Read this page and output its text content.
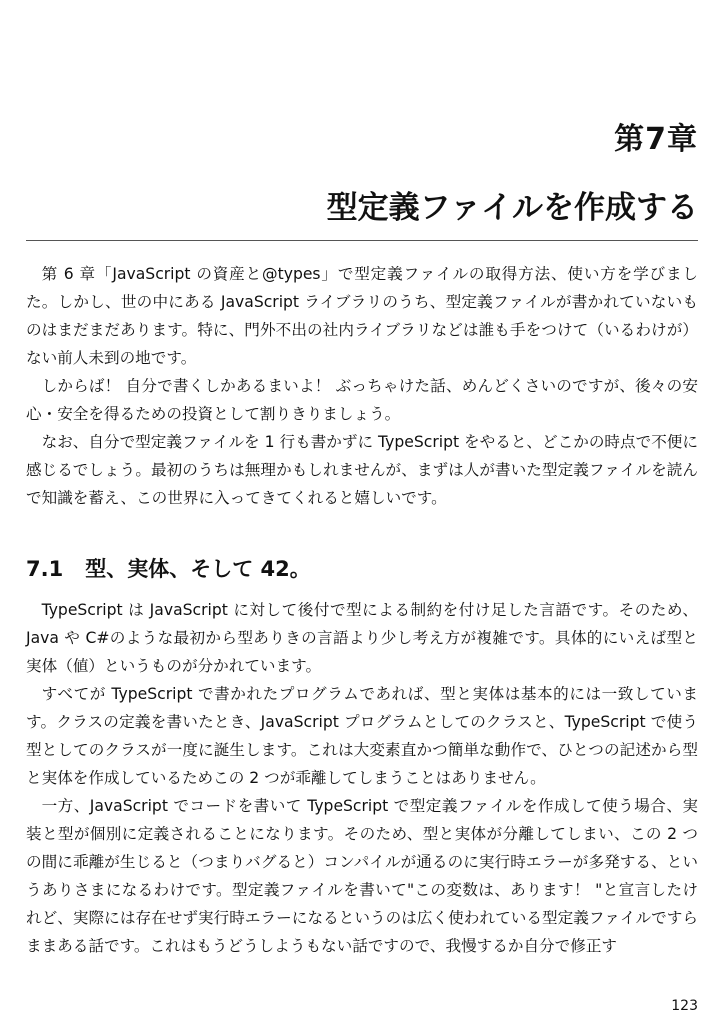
第7章
型定義ファイルを作成する

第 6 章「JavaScript の資産と@types」で型定義ファイルの取得方法、使い方を学びました。しかし、世の中にある JavaScript ライブラリのうち、型定義ファイルが書かれていないものはまだまだあります。特に、門外不出の社内ライブラリなどは誰も手をつけて（いるわけが）ない前人未到の地です。

しからば！ 自分で書くしかあるまいよ！ ぶっちゃけた話、めんどくさいのですが、後々の安心・安全を得るための投資として割りきりましょう。

なお、自分で型定義ファイルを 1 行も書かずに TypeScript をやると、どこかの時点で不便に感じるでしょう。最初のうちは無理かもしれませんが、まずは人が書いた型定義ファイルを読んで知識を蓄え、この世界に入ってきてくれると嬉しいです。

7.1 型、実体、そして 42。

TypeScript は JavaScript に対して後付で型による制約を付け足した言語です。そのため、Java や C#のような最初から型ありきの言語より少し考え方が複雑です。具体的にいえば型と実体（値）というものが分かれています。

すべてが TypeScript で書かれたプログラムであれば、型と実体は基本的には一致しています。クラスの定義を書いたとき、JavaScript プログラムとしてのクラスと、TypeScript で使う型としてのクラスが一度に誕生します。これは大変素直かつ簡単な動作で、ひとつの記述から型と実体を作成しているためこの 2 つが乖離してしまうことはありません。

一方、JavaScript でコードを書いて TypeScript で型定義ファイルを作成して使う場合、実装と型が個別に定義されることになります。そのため、型と実体が分離してしまい、この 2 つの間に乖離が生じると（つまりバグると）コンパイルが通るのに実行時エラーが多発する、というありさまになるわけです。型定義ファイルを書いて"この変数は、あります！ "と宣言したけれど、実際には存在せず実行時エラーになるというのは広く使われている型定義ファイルですらままある話です。これはもうどうしようもない話ですので、我慢するか自分で修正す

123
